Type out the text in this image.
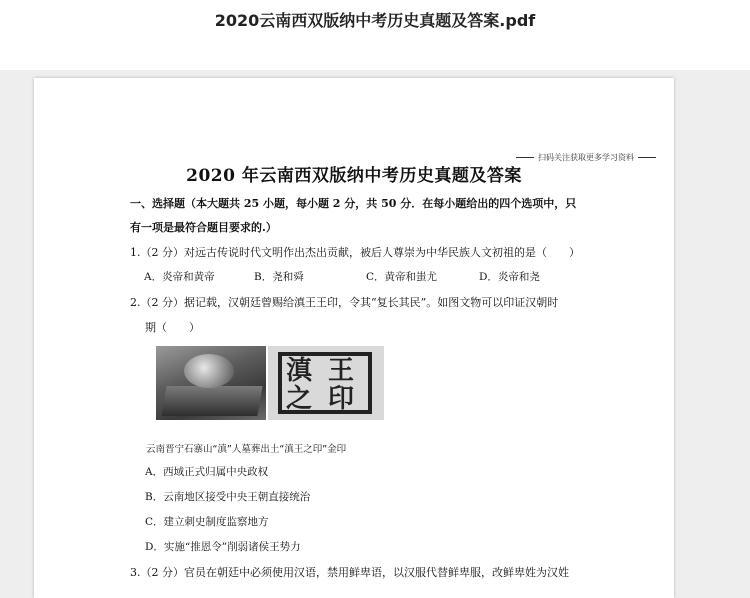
2020云南西双版纳中考历史真题及答案.pdf
扫码关注获取更多学习资料
2020 年云南西双版纳中考历史真题及答案
一、选择题（本大题共 25 小题，每小题 2 分，共 50 分．在每小题给出的四个选项中，只
有一项是最符合题目要求的.）
1.（2 分）对远古传说时代文明作出杰出贡献，被后人尊崇为中华民族人文初祖的是（　　）
A．炎帝和黄帝	B．尧和舜	C．黄帝和蚩尤	D．炎帝和尧
2.（2 分）据记载，汉朝廷曾赐给滇王王印，令其“复长其民”。如图文物可以印证汉朝时
期（　　）
滇 王
之 印
云南晋宁石寨山“滇”人墓葬出土“滇王之印”金印
A．西域正式归属中央政权
B．云南地区接受中央王朝直接统治
C．建立刺史制度监察地方
D．实施“推恩令”削弱诸侯王势力
3.（2 分）官员在朝廷中必须使用汉语，禁用鲜卑语，以汉服代替鲜卑服，改鲜卑姓为汉姓
